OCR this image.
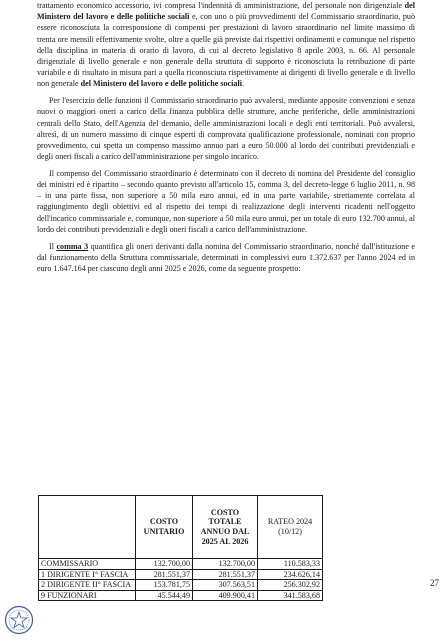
trattamento economico accessorio, ivi compresa l'indennità di amministrazione, del personale non dirigenziale del Ministero del lavoro e delle politiche sociali e, con uno o più provvedimenti del Commissario straordinario, può essere riconosciuta la corresponsione di compensi per prestazioni di lavoro straordinario nel limite massimo di trenta ore mensili effettivamente svolte, oltre a quelle già previste dai rispettivi ordinamenti e comunque nel rispetto della disciplina in materia di orario di lavoro, di cui al decreto legislativo 8 aprile 2003, n. 66. Al personale dirigenziale di livello generale e non generale della struttura di supporto è riconosciuta la retribuzione di parte variabile e di risultato in misura pari a quella riconosciuta rispettivamente ai dirigenti di livello generale e di livello non generale del Ministero del lavoro e delle politiche sociali.

Per l'esercizio delle funzioni il Commissario straordinario può avvalersi, mediante apposite convenzioni e senza nuovi o maggiori oneri a carico della finanza pubblica delle strutture, anche periferiche, delle amministrazioni centrali dello Stato, dell'Agenzia del demanio, delle amministrazioni locali e degli enti territoriali. Può avvalersi, altresì, di un numero massimo di cinque esperti di comprovata qualificazione professionale, nominati con proprio provvedimento, cui spetta un compenso massimo annuo pari a euro 50.000 al lordo dei contributi previdenziali e degli oneri fiscali a carico dell'amministrazione per singolo incarico.

Il compenso del Commissario straordinario è determinato con il decreto di nomina del Presidente del consiglio dei ministri ed è ripartito – secondo quanto previsto all'articolo 15, comma 3, del decreto-legge 6 luglio 2011, n. 98 – in una parte fissa, non superiore a 50 mila euro annui, ed in una parte variabile, strettamente correlata al raggiungimento degli obiettivi ed al rispetto dei tempi di realizzazione degli interventi ricadenti nell'oggetto dell'incarico commissariale e, comunque, non superiore a 50 mila euro annui, per un totale di euro 132.700 annui, al lordo dei contributi previdenziali e degli oneri fiscali a carico dell'amministrazione.

Il comma 3 quantifica gli oneri derivanti dalla nomina del Commissario straordinario, nonché dall'istituzione e dal funzionamento della Struttura commissariale, determinati in complessivi euro 1.372.637 per l'anno 2024 ed in euro 1.647.164 per ciascuno degli anni 2025 e 2026, come da seguente prospetto:

	COSTO UNITARIO	COSTO TOTALE ANNUO DAL 2025 AL 2026	RATEO 2024 (10/12)
COMMISSARIO	132.700,00	132.700,00	110.583,33
1 DIRIGENTE I° FASCIA	281.551,37	281.551,37	234.626,14
2 DIRIGENTE II° FASCIA	153.781,75	307.563,51	256.302,92
9 FUNZIONARI	45.544,49	409.900,41	341.583,68
27
